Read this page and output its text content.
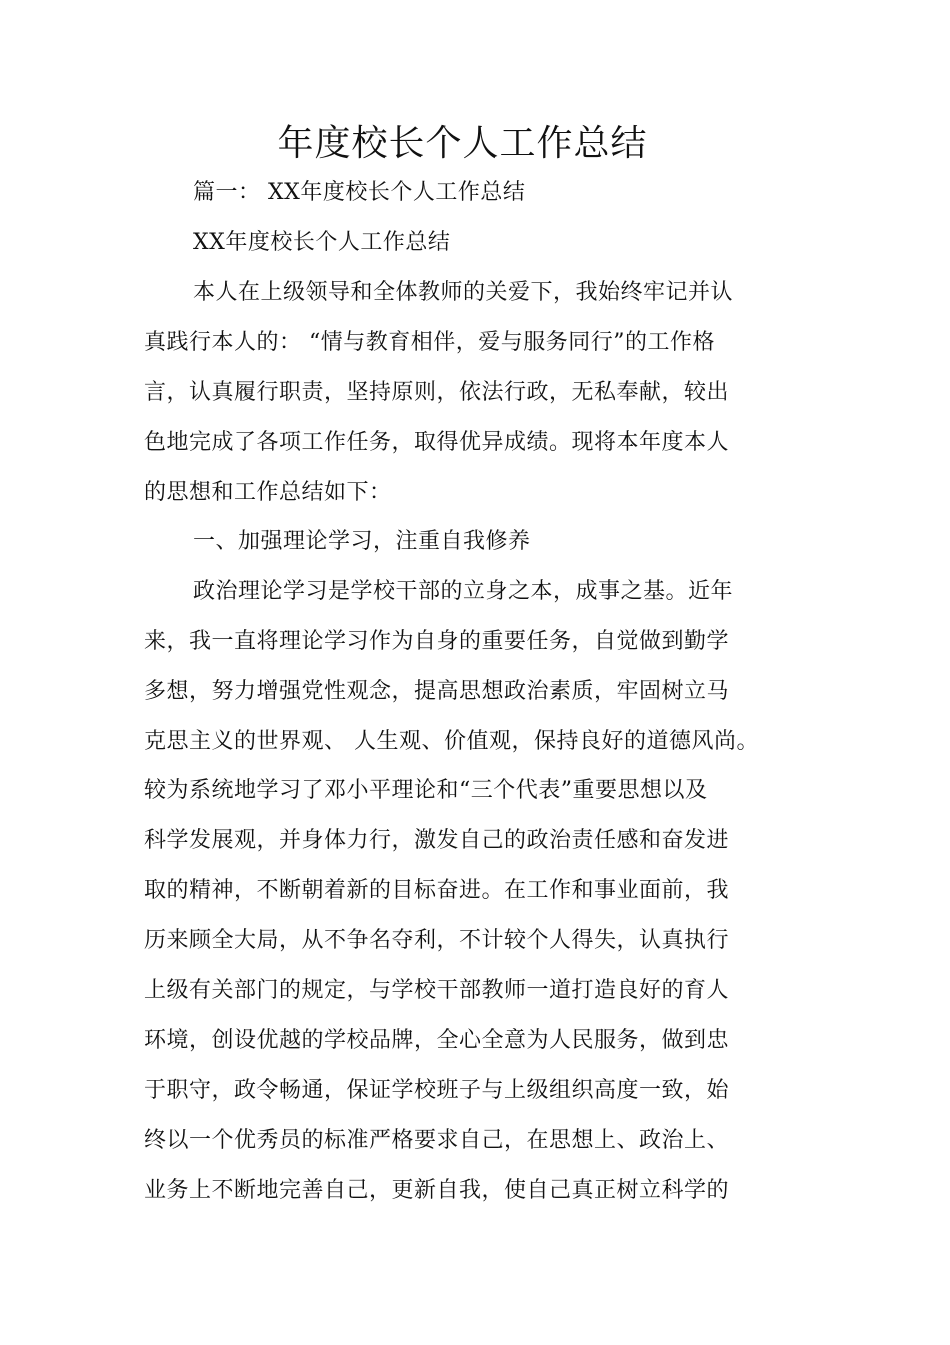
年度校长个人工作总结
篇一： XX年度校长个人工作总结
XX年度校长个人工作总结
本人在上级领导和全体教师的关爱下，我始终牢记并认
真践行本人的： “情与教育相伴，爱与服务同行”的工作格
言，认真履行职责，坚持原则，依法行政，无私奉献，较出
色地完成了各项工作任务，取得优异成绩。现将本年度本人
的思想和工作总结如下：
一、加强理论学习，注重自我修养
政治理论学习是学校干部的立身之本，成事之基。近年
来，我一直将理论学习作为自身的重要任务，自觉做到勤学
多想，努力增强党性观念，提高思想政治素质，牢固树立马
克思主义的世界观、 人生观、价值观，保持良好的道德风尚。
较为系统地学习了邓小平理论和“三个代表”重要思想以及
科学发展观，并身体力行，激发自己的政治责任感和奋发进
取的精神，不断朝着新的目标奋进。在工作和事业面前，我
历来顾全大局，从不争名夺利，不计较个人得失，认真执行
上级有关部门的规定，与学校干部教师一道打造良好的育人
环境，创设优越的学校品牌，全心全意为人民服务，做到忠
于职守，政令畅通，保证学校班子与上级组织高度一致，始
终以一个优秀员的标准严格要求自己，在思想上、政治上、
业务上不断地完善自己，更新自我，使自己真正树立科学的
